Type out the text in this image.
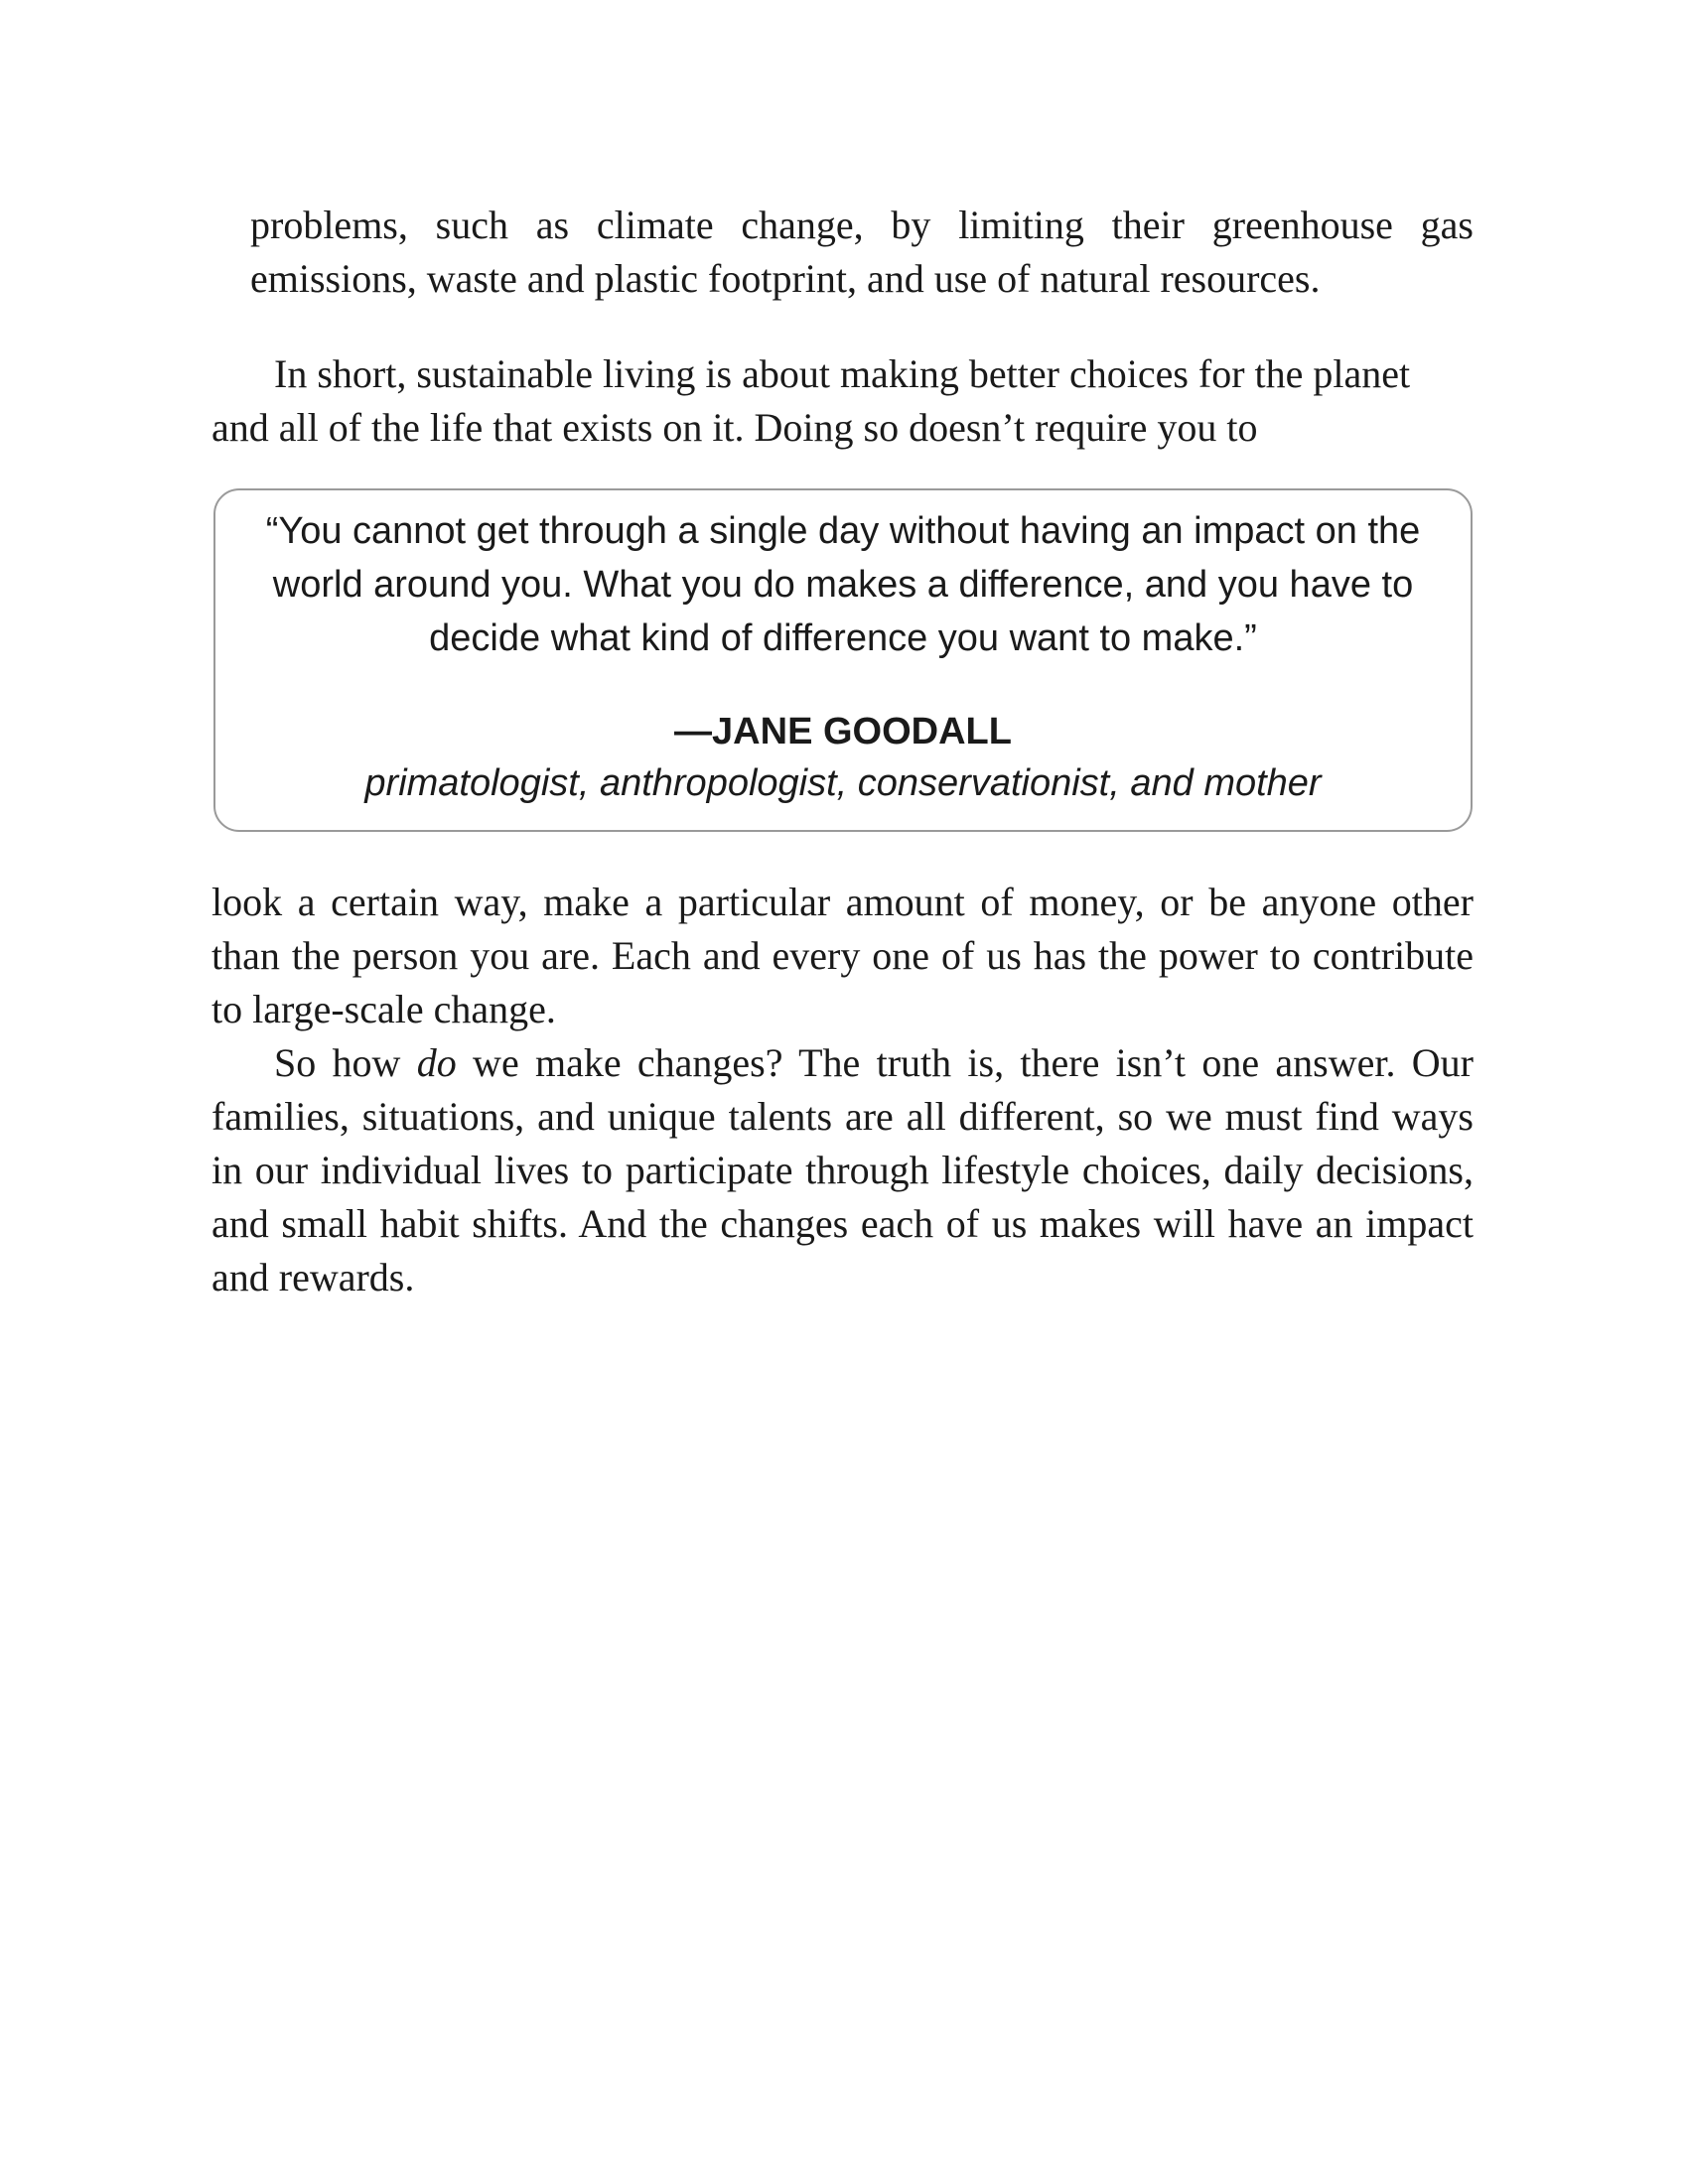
problems, such as climate change, by limiting their greenhouse gas emissions, waste and plastic footprint, and use of natural resources.

In short, sustainable living is about making better choices for the planet
and all of the life that exists on it. Doing so doesn’t require you to

“You cannot get through a single day without having an impact on the world around you. What you do makes a difference, and you have to decide what kind of difference you want to make.”

—JANE GOODALL

primatologist, anthropologist, conservationist, and mother

look a certain way, make a particular amount of money, or be anyone other than the person you are. Each and every one of us has the power to contribute to large-scale change.

So how do we make changes? The truth is, there isn’t one answer. Our families, situations, and unique talents are all different, so we must find ways in our individual lives to participate through lifestyle choices, daily decisions, and small habit shifts. And the changes each of us makes will have an impact and rewards.
